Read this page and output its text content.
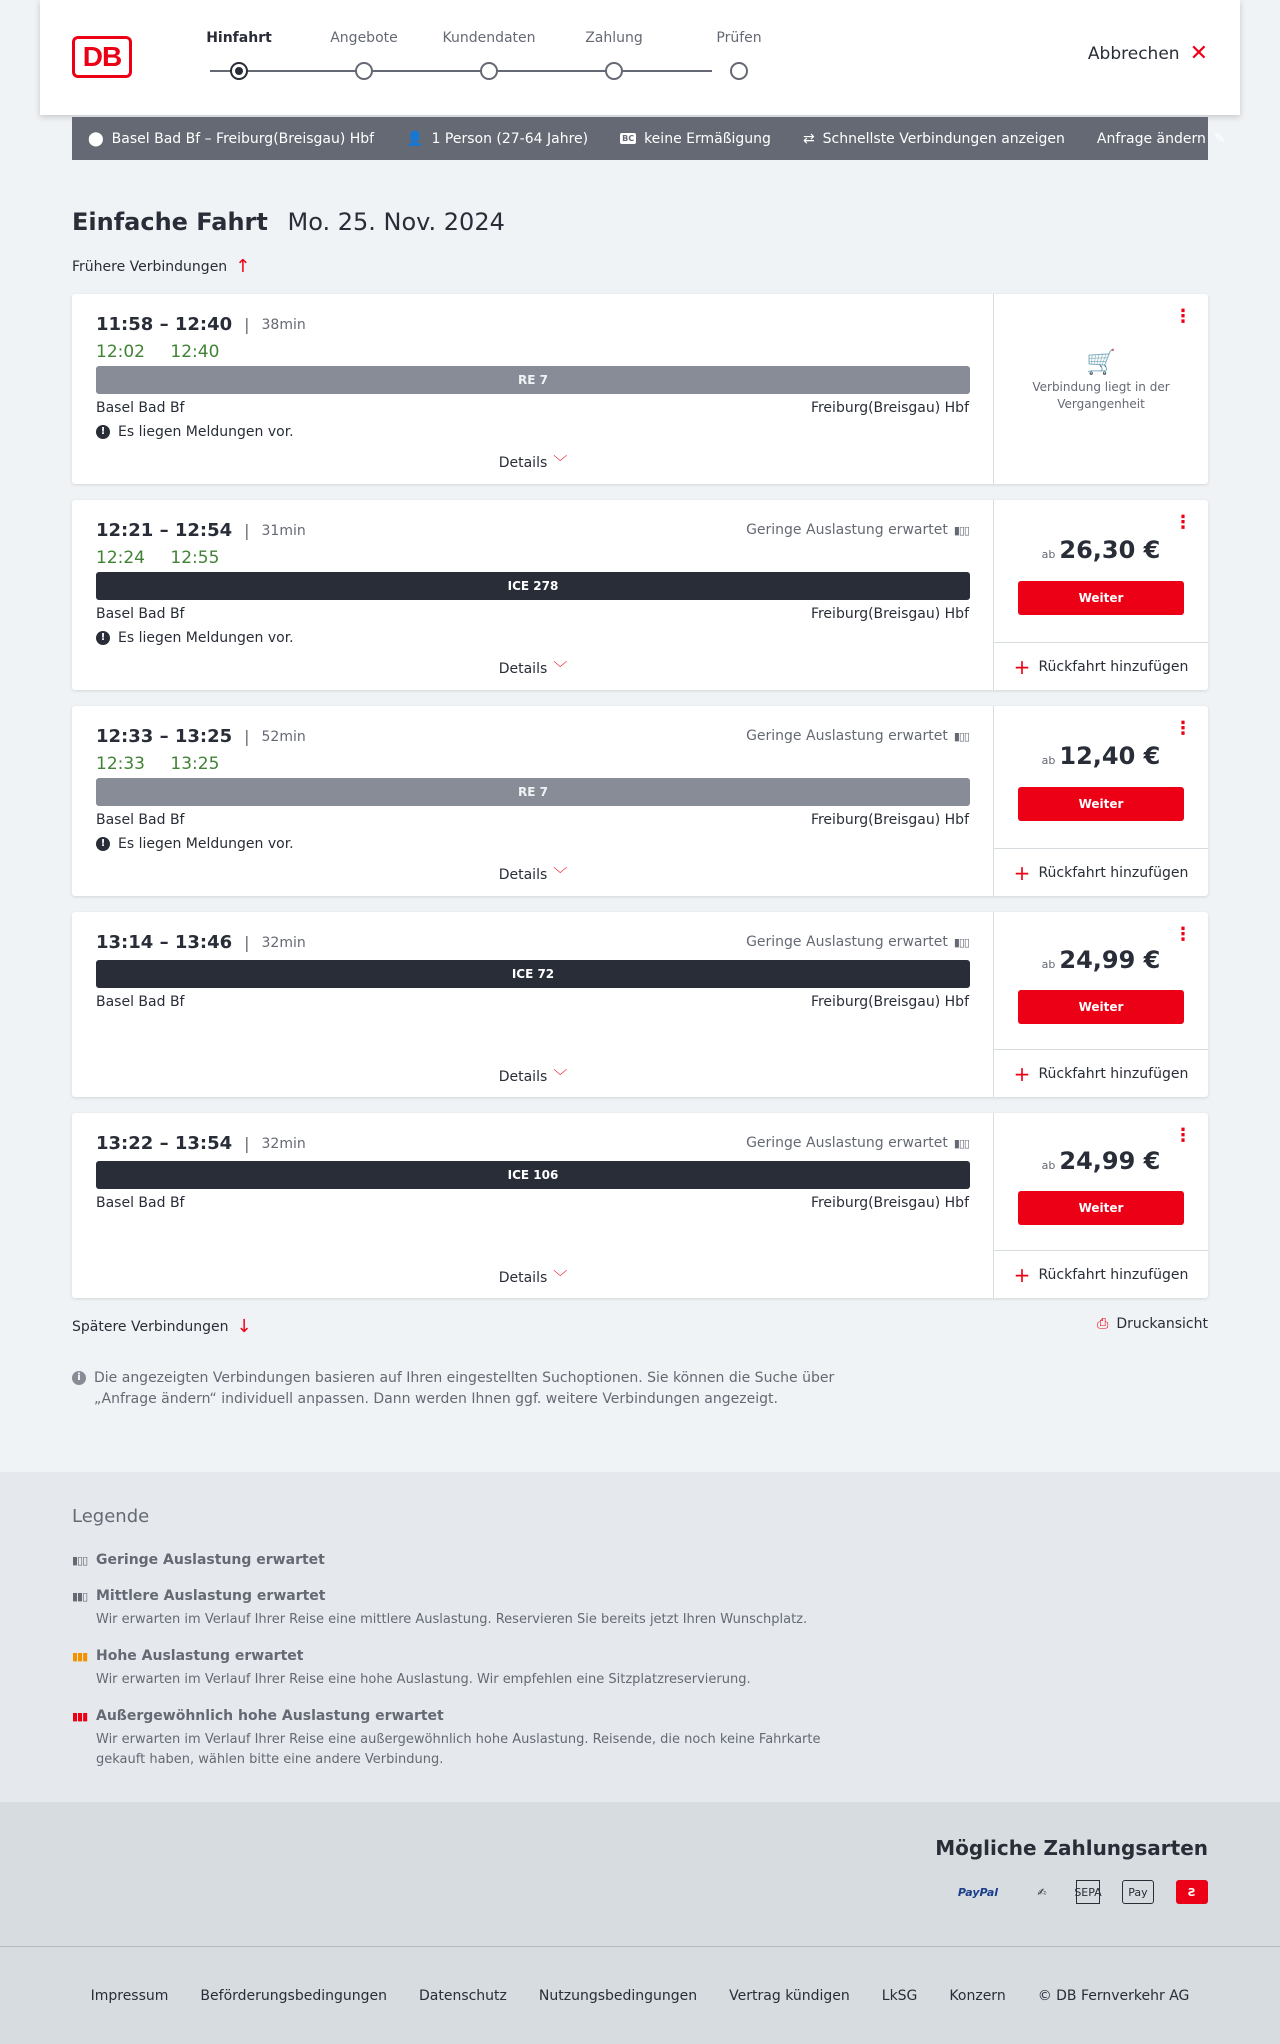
DB
Hinfahrt	Angebote	Kundendaten	Zahlung	Prüfen
Abbrechen ✕
⬤ Basel Bad Bf – Freiburg(Breisgau) Hbf 👤 1 Person (27-64 Jahre)	BC keine Ermäßigung ⇄ Schnellste Verbindungen anzeigen Anfrage ändern ✎
Einfache Fahrt Mo. 25. Nov. 2024
Frühere Verbindungen ↑
11:58 – 12:40 | 38min
12:02 12:40
RE 7
Basel Bad Bf	Freiburg(Breisgau) Hbf
! Es liegen Meldungen vor.
Details ﹀
⋮
🛒
Verbindung liegt in der Vergangenheit
12:21 – 12:54 | 31min	Geringe Auslastung erwartet ▮▯▯
12:24 12:55
ICE 278
Basel Bad Bf	Freiburg(Breisgau) Hbf
! Es liegen Meldungen vor.
Details ﹀
⋮
ab 26,30 €
Weiter
+ Rückfahrt hinzufügen
12:33 – 13:25 | 52min	Geringe Auslastung erwartet ▮▯▯
12:33 13:25
RE 7
Basel Bad Bf	Freiburg(Breisgau) Hbf
! Es liegen Meldungen vor.
Details ﹀
⋮
ab 12,40 €
Weiter
+ Rückfahrt hinzufügen
13:14 – 13:46 | 32min	Geringe Auslastung erwartet ▮▯▯
ICE 72
Basel Bad Bf	Freiburg(Breisgau) Hbf
Details ﹀
⋮
ab 24,99 €
Weiter
+ Rückfahrt hinzufügen
13:22 – 13:54 | 32min	Geringe Auslastung erwartet ▮▯▯
ICE 106
Basel Bad Bf	Freiburg(Breisgau) Hbf
Details ﹀
⋮
ab 24,99 €
Weiter
+ Rückfahrt hinzufügen
Spätere Verbindungen ↓	⎙ Druckansicht
i Die angezeigten Verbindungen basieren auf Ihren eingestellten Suchoptionen. Sie können die Suche über „Anfrage ändern“ individuell anpassen. Dann werden Ihnen ggf. weitere Verbindungen angezeigt.
Legende
▮▯▯ Geringe Auslastung erwartet
▮▮▯ Mittlere Auslastung erwartet
Wir erwarten im Verlauf Ihrer Reise eine mittlere Auslastung. Reservieren Sie bereits jetzt Ihren Wunschplatz.
▮▮▮ Hohe Auslastung erwartet
Wir erwarten im Verlauf Ihrer Reise eine hohe Auslastung. Wir empfehlen eine Sitzplatzreservierung.
▮▮▮ Außergewöhnlich hohe Auslastung erwartet
Wir erwarten im Verlauf Ihrer Reise eine außergewöhnlich hohe Auslastung. Reisende, die noch keine Fahrkarte gekauft haben, wählen bitte eine andere Verbindung.
Mögliche Zahlungsarten
PayPal	✍	SEPA	Pay	Ƨ
Impressum Beförderungsbedingungen Datenschutz Nutzungsbedingungen Vertrag kündigen LkSG Konzern © DB Fernverkehr AG
